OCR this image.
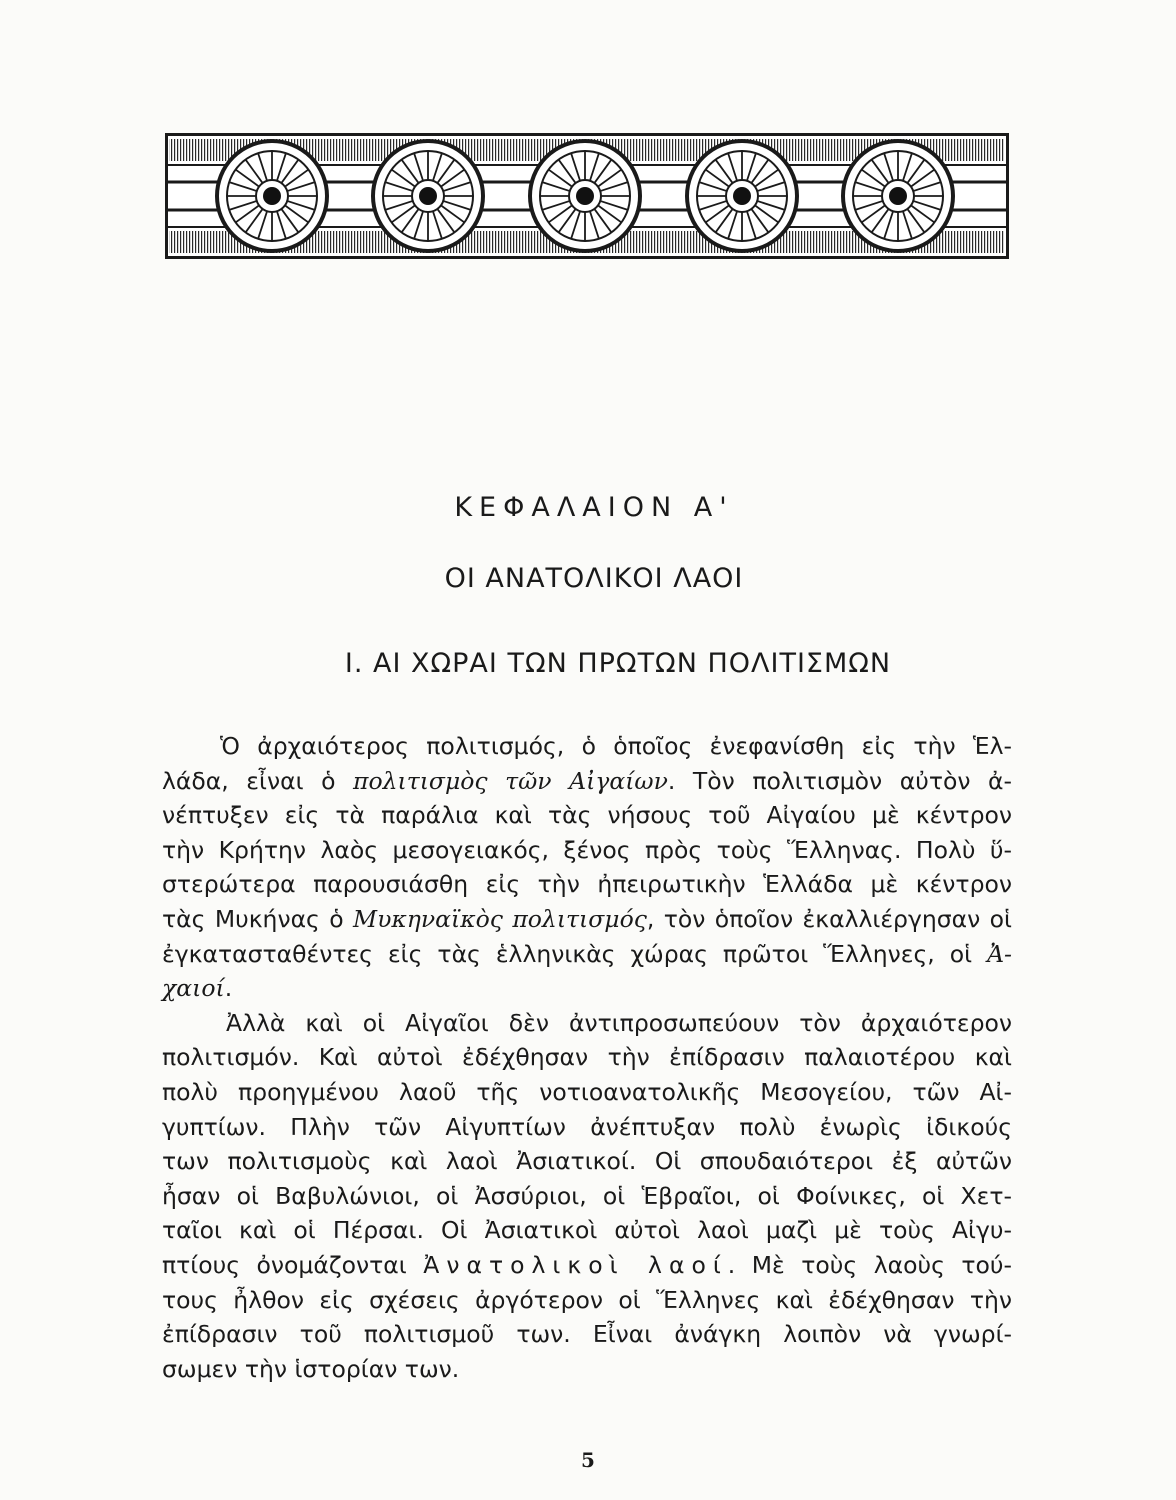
ΚΕΦΑΛΑΙΟΝ Α'
ΟΙ ΑΝΑΤΟΛΙΚΟΙ ΛΑΟΙ
Ι. ΑΙ ΧΩΡΑΙ ΤΩΝ ΠΡΩΤΩΝ ΠΟΛΙΤΙΣΜΩΝ
Ὁ ἀρχαιότερος πολιτισμός, ὁ ὁποῖος ἐνεφανίσθη εἰς τὴν Ἑλ-
λάδα, εἶναι ὁ πολιτισμὸς τῶν Αἰγαίων. Τὸν πολιτισμὸν αὐτὸν ἀ-
νέπτυξεν εἰς τὰ παράλια καὶ τὰς νήσους τοῦ Αἰγαίου μὲ κέντρον
τὴν Κρήτην λαὸς μεσογειακός, ξένος πρὸς τοὺς Ἕλληνας. Πολὺ ὕ-
στερώτερα παρουσιάσθη εἰς τὴν ἠπειρωτικὴν Ἑλλάδα μὲ κέντρον
τὰς Μυκήνας ὁ Μυκηναϊκὸς πολιτισμός, τὸν ὁποῖον ἐκαλλιέργησαν οἱ
ἐγκατασταθέντες εἰς τὰς ἑλληνικὰς χώρας πρῶτοι Ἕλληνες, οἱ Ἀ-
χαιοί.
Ἀλλὰ καὶ οἱ Αἰγαῖοι δὲν ἀντιπροσωπεύουν τὸν ἀρχαιότερον
πολιτισμόν. Καὶ αὐτοὶ ἐδέχθησαν τὴν ἐπίδρασιν παλαιοτέρου καὶ
πολὺ προηγμένου λαοῦ τῆς νοτιοανατολικῆς Μεσογείου, τῶν Αἰ-
γυπτίων. Πλὴν τῶν Αἰγυπτίων ἀνέπτυξαν πολὺ ἐνωρὶς ἰδικούς
των πολιτισμοὺς καὶ λαοὶ Ἀσιατικοί. Οἱ σπουδαιότεροι ἐξ αὐτῶν
ἦσαν οἱ Βαβυλώνιοι, οἱ Ἀσσύριοι, οἱ Ἑβραῖοι, οἱ Φοίνικες, οἱ Χετ-
ταῖοι καὶ οἱ Πέρσαι. Οἱ Ἀσιατικοὶ αὐτοὶ λαοὶ μαζὶ μὲ τοὺς Αἰγυ-
πτίους ὀνομάζονται Ἀνατολικοὶ λαοί. Μὲ τοὺς λαοὺς τού-
τους ἦλθον εἰς σχέσεις ἀργότερον οἱ Ἕλληνες καὶ ἐδέχθησαν τὴν
ἐπίδρασιν τοῦ πολιτισμοῦ των. Εἶναι ἀνάγκη λοιπὸν νὰ γνωρί-
σωμεν τὴν ἱστορίαν των.
5
